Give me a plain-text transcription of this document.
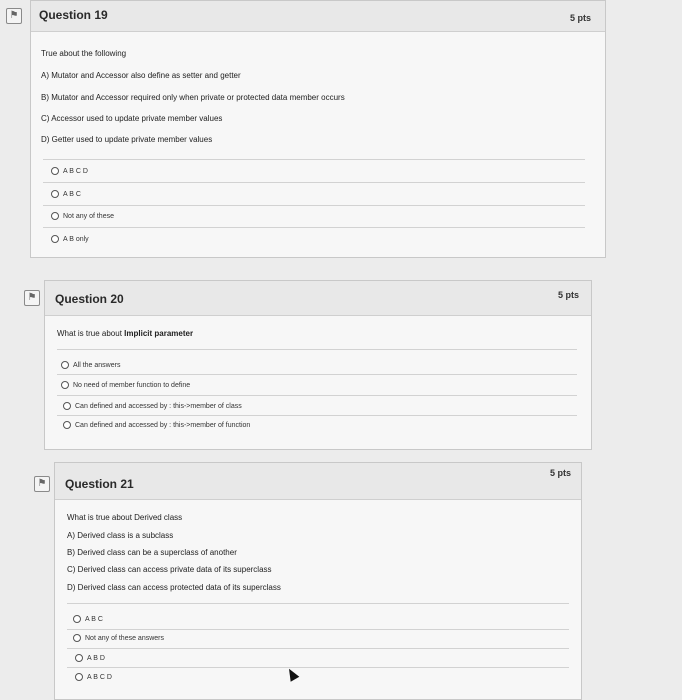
⚑ Question 19	5 pts
True about the following
A) Mutator and Accessor also define as setter and getter
B) Mutator and Accessor required only when private or protected data member occurs
C) Accessor used to update private member values
D) Getter used to update private member values
A B C D
A B C
Not any of these
A B only
⚑ Question 20	5 pts
What is true about Implicit parameter
All the answers
No need of member function to define
Can defined and accessed by : this->member of class
Can defined and accessed by : this->member of function
⚑ Question 21
5 pts
What is true about Derived class
A) Derived class is a subclass
B) Derived class can be a superclass of another
C) Derived class can access private data of its superclass
D) Derived class can access protected data of its superclass
A B C
Not any of these answers
A B D
A B C D
